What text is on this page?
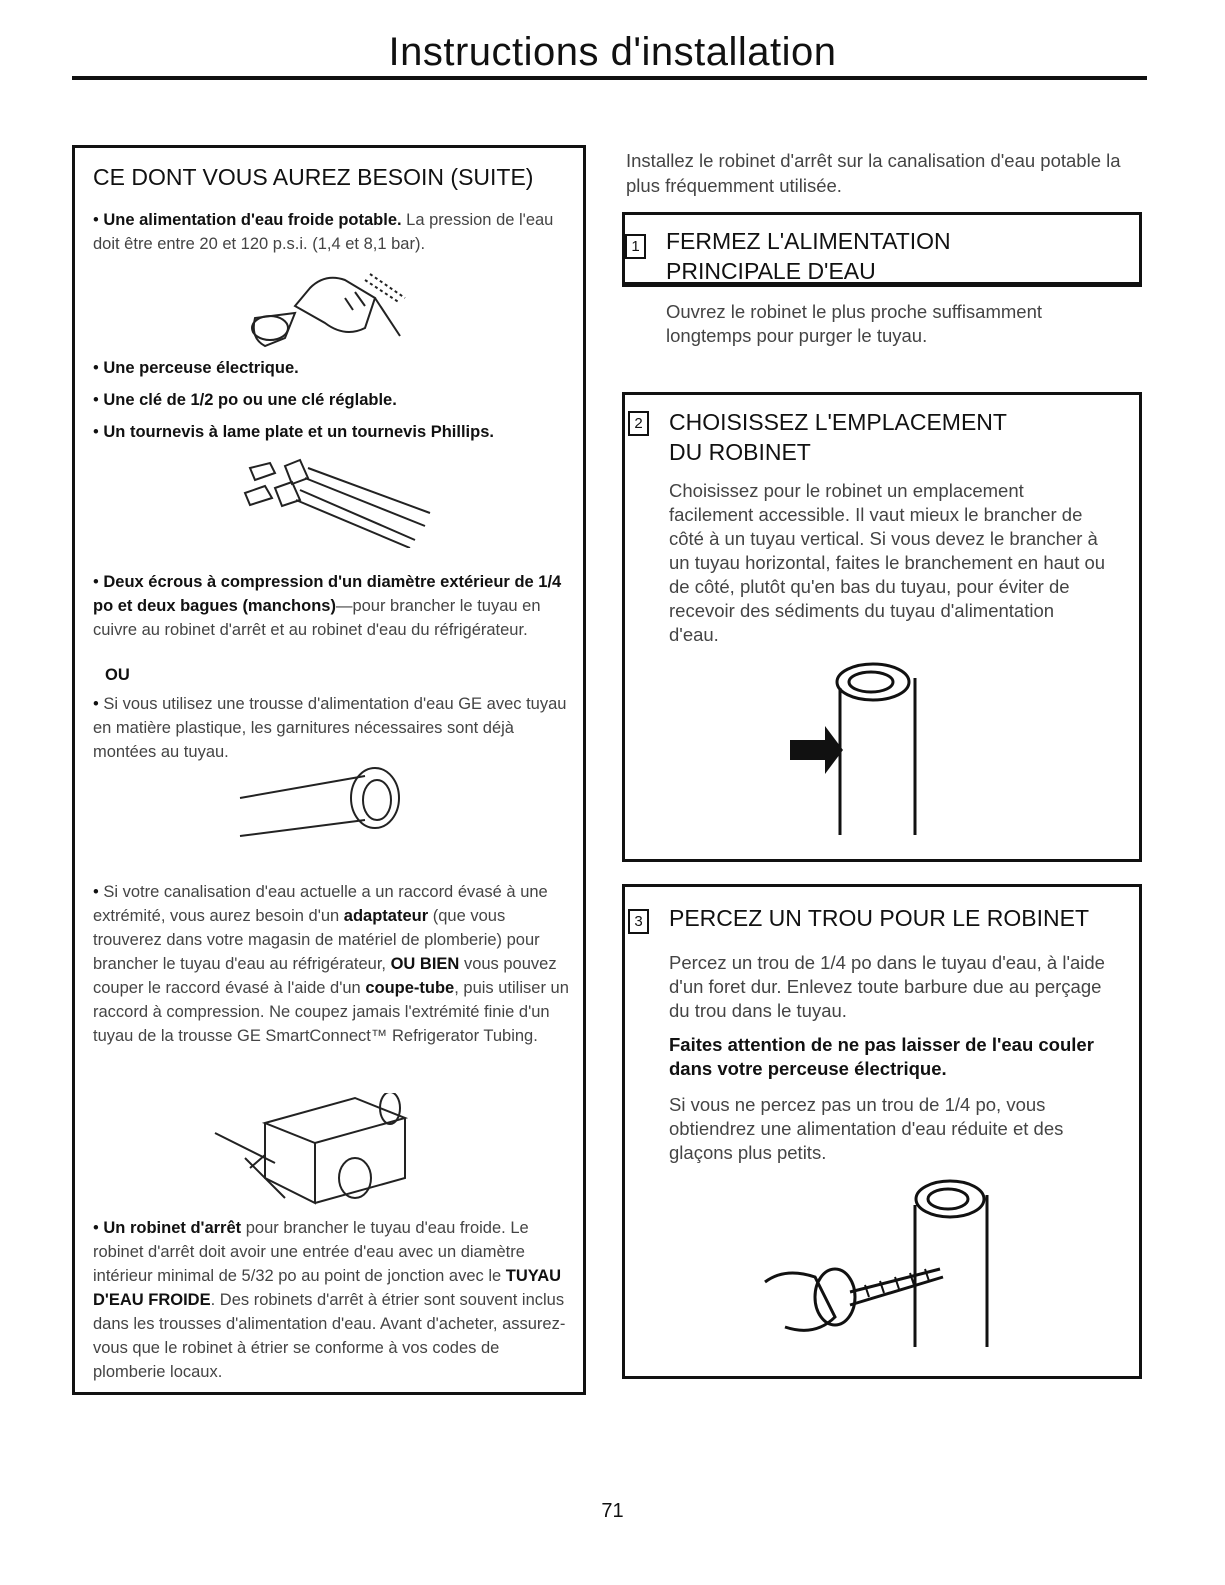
Instructions d'installation
CE DONT VOUS AUREZ BESOIN (SUITE)
• Une alimentation d'eau froide potable. La pression de l'eau doit être entre 20 et 120 p.s.i. (1,4 et 8,1 bar).
• Une perceuse électrique.
• Une clé de 1/2 po ou une clé réglable.
• Un tournevis à lame plate et un tournevis Phillips.
• Deux écrous à compression d'un diamètre extérieur de 1/4 po et deux bagues (manchons)—pour brancher le tuyau en cuivre au robinet d'arrêt et au robinet d'eau du réfrigérateur.
OU
• Si vous utilisez une trousse d'alimentation d'eau GE avec tuyau en matière plastique, les garnitures nécessaires sont déjà montées au tuyau.
• Si votre canalisation d'eau actuelle a un raccord évasé à une extrémité, vous aurez besoin d'un adaptateur (que vous trouverez dans votre magasin de matériel de plomberie) pour brancher le tuyau d'eau au réfrigérateur, OU BIEN vous pouvez couper le raccord évasé à l'aide d'un coupe-tube, puis utiliser un raccord à compression. Ne coupez jamais l'extrémité finie d'un tuyau de la trousse GE SmartConnect™ Refrigerator Tubing.
• Un robinet d'arrêt pour brancher le tuyau d'eau froide. Le robinet d'arrêt doit avoir une entrée d'eau avec un diamètre intérieur minimal de 5/32 po au point de jonction avec le TUYAU D'EAU FROIDE. Des robinets d'arrêt à étrier sont souvent inclus dans les trousses d'alimentation d'eau. Avant d'acheter, assurez-vous que le robinet à étrier se conforme à vos codes de plomberie locaux.
Installez le robinet d'arrêt sur la canalisation d'eau potable la plus fréquemment utilisée.
1 FERMEZ L'ALIMENTATION
PRINCIPALE D'EAU
Ouvrez le robinet le plus proche suffisamment longtemps pour purger le tuyau.
2 CHOISISSEZ L'EMPLACEMENT
DU ROBINET
Choisissez pour le robinet un emplacement facilement accessible. Il vaut mieux le brancher de côté à un tuyau vertical. Si vous devez le brancher à un tuyau horizontal, faites le branchement en haut ou de côté, plutôt qu'en bas du tuyau, pour éviter de recevoir des sédiments du tuyau d'alimentation d'eau.
3 PERCEZ UN TROU POUR LE ROBINET
Percez un trou de 1/4 po dans le tuyau d'eau, à l'aide d'un foret dur. Enlevez toute barbure due au perçage du trou dans le tuyau.
Faites attention de ne pas laisser de l'eau couler dans votre perceuse électrique.
Si vous ne percez pas un trou de 1/4 po, vous obtiendrez une alimentation d'eau réduite et des glaçons plus petits.
71
